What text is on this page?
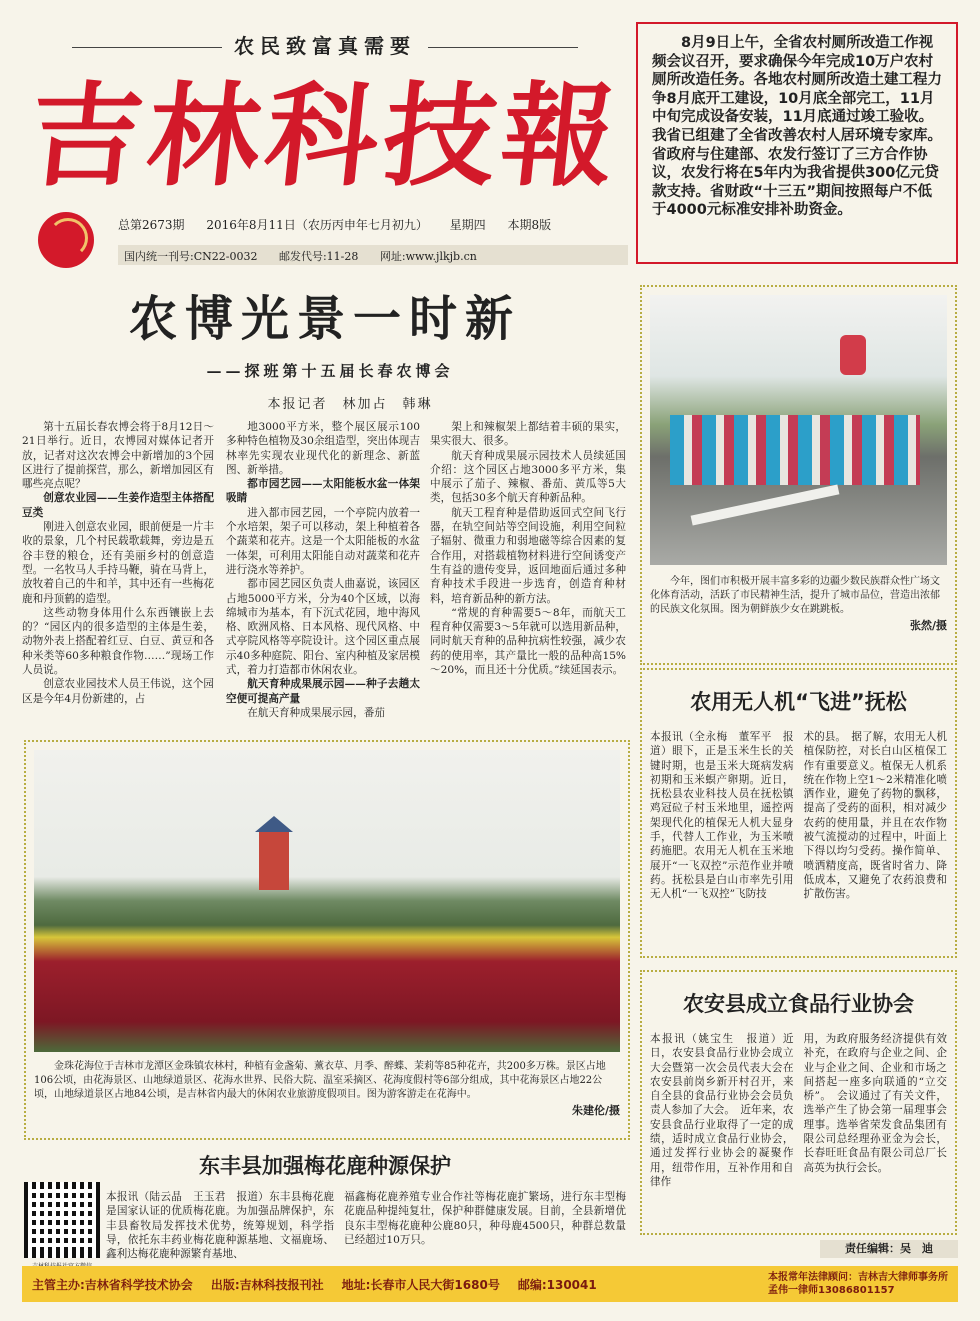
农民致富真需要
吉林科技報
总第2673期 2016年8月11日（农历丙申年七月初九） 星期四 本期8版
国内统一刊号:CN22-0032 邮发代号:11-28 网址:www.jlkjb.cn
8月9日上午，全省农村厕所改造工作视频会议召开，要求确保今年完成10万户农村厕所改造任务。各地农村厕所改造土建工程力争8月底开工建设，10月底全部完工，11月中旬完成设备安装，11月底通过竣工验收。我省已组建了全省改善农村人居环境专家库。省政府与住建部、农发行签订了三方合作协议，农发行将在5年内为我省提供300亿元贷款支持。省财政“十三五”期间按照每户不低于4000元标准安排补助资金。
农博光景一时新
——探班第十五届长春农博会
本报记者　林加占　韩琳

第十五届长春农博会将于8月12日～21日举行。近日，农博园对媒体记者开放，记者对这次农博会中新增加的3个园区进行了提前探营，那么，新增加园区有哪些亮点呢？

创意农业园——生姜作造型主体搭配豆类

刚进入创意农业园，眼前便是一片丰收的景象，几个村民载歌载舞，旁边是五谷丰登的粮仓，还有美丽乡村的创意造型。一名牧马人手持马鞭，骑在马背上，放牧着自己的牛和羊，其中还有一些梅花鹿和丹顶鹤的造型。

这些动物身体用什么东西镶嵌上去的？“园区内的很多造型的主体是生姜，动物外表上搭配着红豆、白豆、黄豆和各种米类等60多种粮食作物……”现场工作人员说。

创意农业园技术人员王伟说，这个园区是今年4月份新建的，占

地3000平方米，整个展区展示100多种特色植物及30余组造型，突出体现吉林率先实现农业现代化的新理念、新蓝图、新举措。

都市园艺园——太阳能板水盆一体架吸睛

进入都市园艺园，一个亭院内放着一个水培架，架子可以移动，架上种植着各个蔬菜和花卉。这是一个太阳能板的水盆一体架，可利用太阳能自动对蔬菜和花卉进行浇水等养护。

都市园艺园区负责人曲嘉说，该园区占地5000平方米，分为40个区域，以海绵城市为基本，有下沉式花园，地中海风格、欧洲风格、日本风格、现代风格、中式亭院风格等亭院设计。这个园区重点展示40多种庭院、阳台、室内种植及家居模式，着力打造都市休闲农业。

航天育种成果展示园——种子去趟太空便可提高产量

在航天育种成果展示园，番茄

架上和辣椒架上都结着丰硕的果实，果实很大、很多。

航天育种成果展示园技术人员续延国介绍：这个园区占地3000多平方米，集中展示了茄子、辣椒、番茄、黄瓜等5大类，包括30多个航天育种新品种。

航天工程育种是借助返回式空间飞行器，在轨空间站等空间设施，利用空间粒子辐射、微重力和弱地磁等综合因素的复合作用，对搭载植物材料进行空间诱变产生有益的遗传变异，返回地面后通过多种育种技术手段进一步选育，创造育种材料，培育新品种的新方法。

“常规的育种需要5～8年，而航天工程育种仅需要3～5年就可以选用新品种，同时航天育种的品种抗病性较强，减少农药的使用率，其产量比一般的品种高15%～20%，而且还十分优质。”续延国表示。

今年，图们市积极开展丰富多彩的边疆少数民族群众性广场文化体育活动，活跃了市民精神生活，提升了城市品位，营造出浓郁的民族文化氛围。图为朝鲜族少女在跳跳板。
张然/摄
农用无人机“飞进”抚松
本报讯（全永梅　董军平　报道）眼下，正是玉米生长的关键时期，也是玉米大斑病发病初期和玉米螟产卵期。近日，抚松县农业科技人员在抚松镇鸡冠砬子村玉米地里，遥控两架现代化的植保无人机大显身手，代替人工作业，为玉米喷药施肥。农用无人机在玉米地展开“一飞双控”示范作业并喷药。抚松县是白山市率先引用无人机“一飞双控”飞防技
术的县。　据了解，农用无人机植保防控，对长白山区植保工作有重要意义。植保无人机系统在作物上空1～2米精准化喷洒作业，避免了药物的飘移，提高了受药的面积，相对减少农药的使用量，并且在农作物被气流搅动的过程中，叶面上下得以均匀受药。操作简单、喷洒精度高，既省时省力、降低成本，又避免了农药浪费和扩散伤害。
金珠花海位于吉林市龙潭区金珠镇农林村，种植有金盏菊、薰衣草、月季、醉蝶、茉莉等85种花卉，共200多万株。景区占地106公顷，由花海景区、山地绿道景区、花海水世界、民俗大院、温室采摘区、花海度假村等6部分组成，其中花海景区占地22公顷，山地绿道景区占地84公顷，是吉林省内最大的休闲农业旅游度假项目。图为游客游走在花海中。
朱建伦/摄
农安县成立食品行业协会
本报讯（姚宝生　报道）近日，农安县食品行业协会成立大会暨第一次会员代表大会在农安县前岗乡新开村召开，来自全县的食品行业协会会员负责人参加了大会。　近年来，农安县食品行业取得了一定的成绩，适时成立食品行业协会，通过发挥行业协会的凝聚作用，纽带作用，互补作用和自律作
用，为政府服务经济提供有效补充，在政府与企业之间、企业与企业之间、企业和市场之间搭起一座多向联通的“立交桥”。　会议通过了有关文件，选举产生了协会第一届理事会理事。选举省荣发食品集团有限公司总经理孙亚金为会长，长春旺旺食品有限公司总厂长高英为执行会长。
东丰县加强梅花鹿种源保护
本报讯（陆云晶　王玉君　报道）东丰县梅花鹿是国家认证的优质梅花鹿。为加强品牌保护，东丰县畜牧局发挥技术优势，统筹规划，科学指导，依托东丰药业梅花鹿种源基地、文福鹿场、鑫利达梅花鹿种源繁育基地、
福鑫梅花鹿养殖专业合作社等梅花鹿扩繁场，进行东丰型梅花鹿品种提纯复壮，保护种群健康发展。目前，全县新增优良东丰型梅花鹿种公鹿80只，种母鹿4500只，种群总数量已经超过10万只。
责任编辑：吴　迪
主管主办:吉林省科学技术协会 出版:吉林科技报刊社 地址:长春市人民大街1680号 邮编:130041	本报常年法律顾问：吉林吉大律师事务所
孟伟一律师13086801157
